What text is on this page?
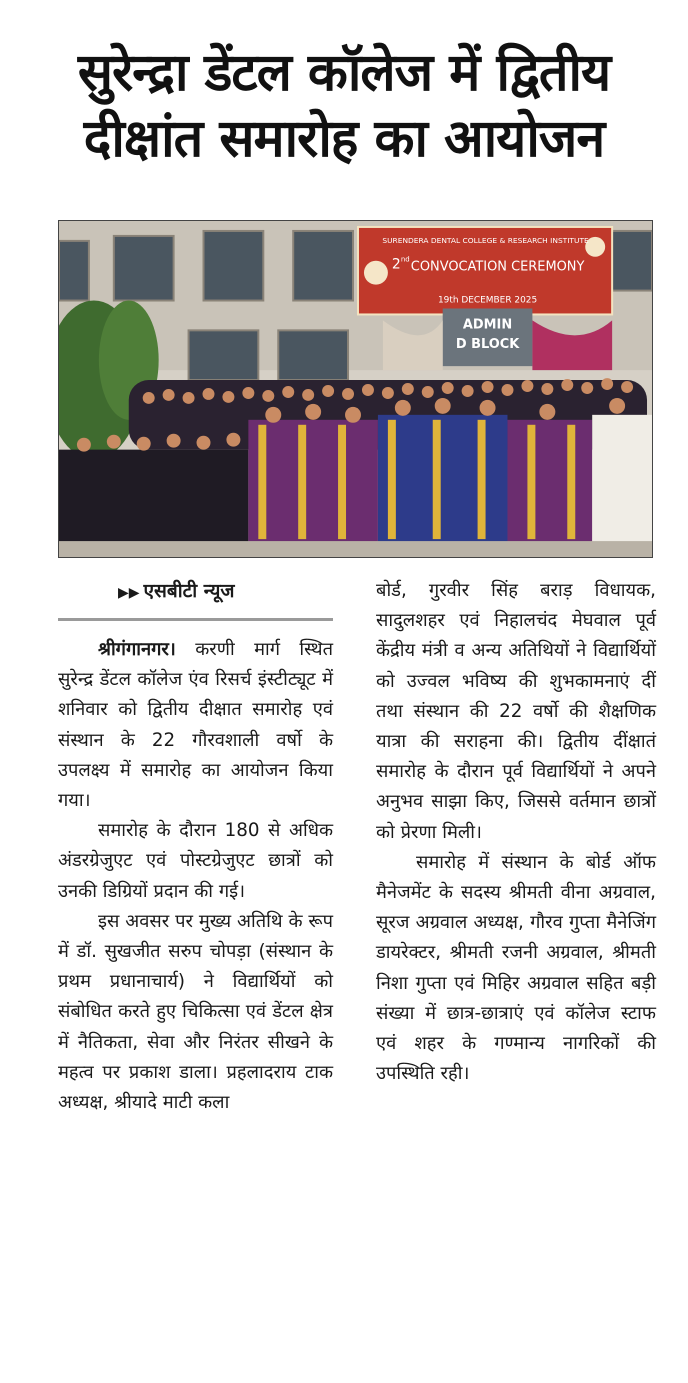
सुरेन्द्रा डेंटल कॉलेज में द्वितीय
दीक्षांत समारोह का आयोजन
SURENDERA DENTAL COLLEGE & RESEARCH INSTITUTE
2 nd CONVOCATION CEREMONY
19th DECEMBER 2025
ADMIN
D BLOCK
▶▶ एसबीटी न्यूज

श्रीगंगानगर। करणी मार्ग स्थित सुरेन्द्र डेंटल कॉलेज एंव रिसर्च इंस्टीट्यूट में शनिवार को द्वितीय दीक्षात समारोह एवं संस्थान के 22 गौरवशाली वर्षो के उपलक्ष्य में समारोह का आयोजन किया गया।

समारोह के दौरान 180 से अधिक अंडरग्रेजुएट एवं पोस्टग्रेजुएट छात्रों को उनकी डिग्रियों प्रदान की गई।

इस अवसर पर मुख्य अतिथि के रूप में डॉ. सुखजीत सरुप चोपड़ा (संस्थान के प्रथम प्रधानाचार्य) ने विद्यार्थियों को संबोधित करते हुए चिकित्सा एवं डेंटल क्षेत्र में नैतिकता, सेवा और निरंतर सीखने के महत्व पर प्रकाश डाला। प्रहलादराय टाक अध्यक्ष, श्रीयादे माटी कला

बोर्ड, गुरवीर सिंह बराड़ विधायक, सादुलशहर एवं निहालचंद मेघवाल पूर्व केंद्रीय मंत्री व अन्य अतिथियों ने विद्यार्थियों को उज्वल भविष्य की शुभकामनाएं दीं तथा संस्थान की 22 वर्षो की शैक्षणिक यात्रा की सराहना की। द्वितीय दींक्षातं समारोह के दौरान पूर्व विद्यार्थियों ने अपने अनुभव साझा किए, जिससे वर्तमान छात्रों को प्रेरणा मिली।

समारोह में संस्थान के बोर्ड ऑफ मैनेजमेंट के सदस्य श्रीमती वीना अग्रवाल, सूरज अग्रवाल अध्यक्ष, गौरव गुप्ता मैनेजिंग डायरेक्टर, श्रीमती रजनी अग्रवाल, श्रीमती निशा गुप्ता एवं मिहिर अग्रवाल सहित बड़ी संख्या में छात्र-छात्राएं एवं कॉलेज स्टाफ एवं शहर के गण्मान्य नागरिकों की उपस्थिति रही।
